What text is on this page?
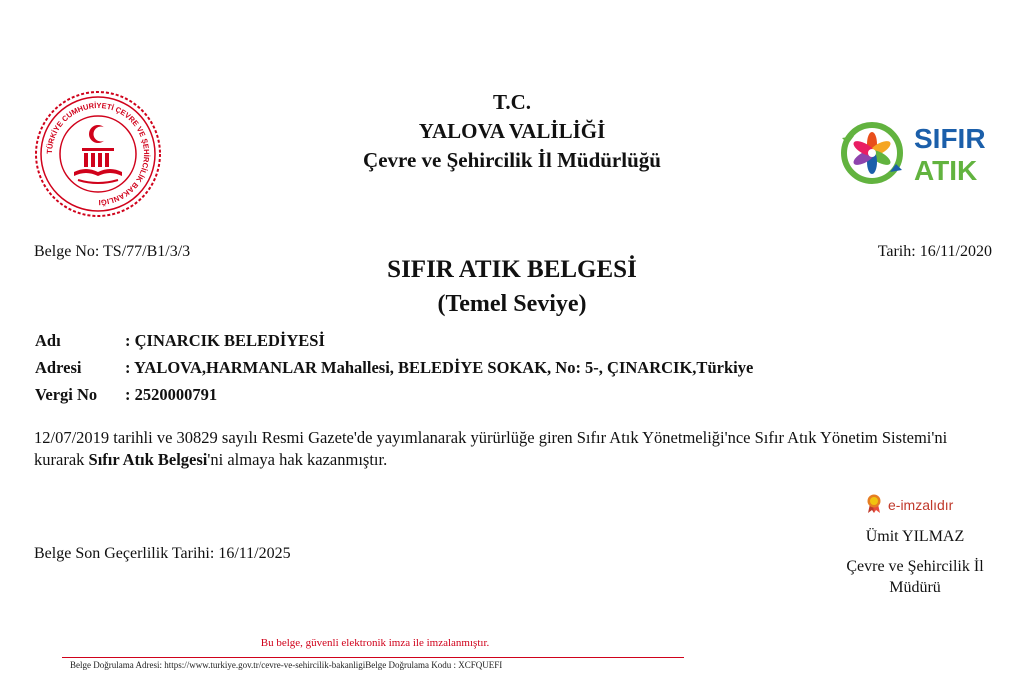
TÜRKİYE CUMHURİYETİ ÇEVRE VE ŞEHİRCİLİK BAKANLIĞI
T.C.
YALOVA VALİLİĞİ
Çevre ve Şehircilik İl Müdürlüğü
SIFIR
ATIK
Belge No: TS/77/B1/3/3	Tarih: 16/11/2020
SIFIR ATIK BELGESİ
(Temel Seviye)
Adı	: ÇINARCIK BELEDİYESİ
Adresi	: YALOVA,HARMANLAR Mahallesi, BELEDİYE SOKAK, No: 5-, ÇINARCIK,Türkiye
Vergi No	: 2520000791
12/07/2019 tarihli ve 30829 sayılı Resmi Gazete'de yayımlanarak yürürlüğe giren Sıfır Atık Yönetmeliği'nce Sıfır Atık Yönetim Sistemi'ni kurarak Sıfır Atık Belgesi'ni almaya hak kazanmıştır.
e-imzalıdır
Ümit YILMAZ
Çevre ve Şehircilik İl
Müdürü
Belge Son Geçerlilik Tarihi: 16/11/2025
Bu belge, güvenli elektronik imza ile imzalanmıştır.
Belge Doğrulama Adresi: https://www.turkiye.gov.tr/cevre-ve-sehircilik-bakanligiBelge Doğrulama Kodu : XCFQUEFI
